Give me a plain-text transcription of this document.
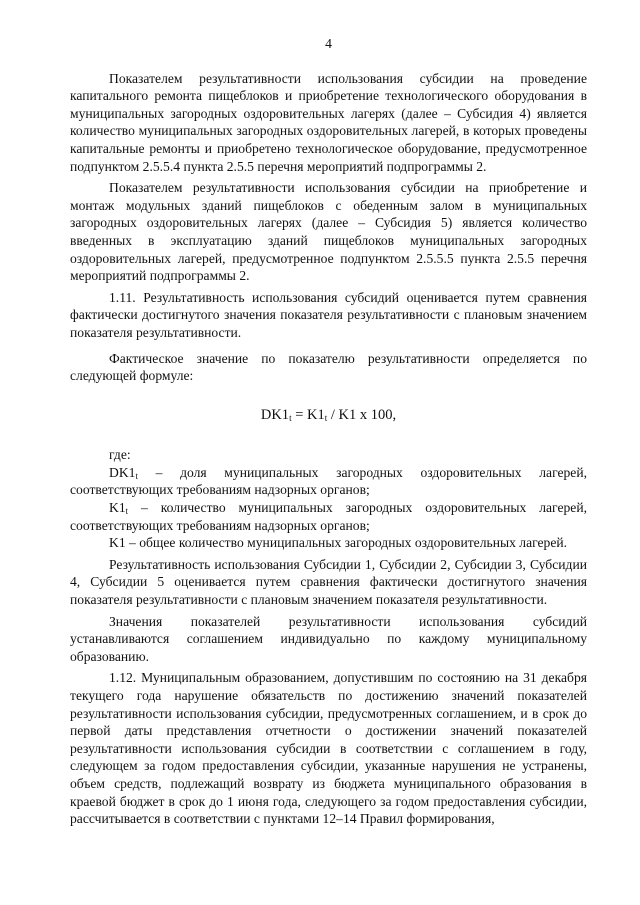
4

Показателем результативности использования субсидии на проведение капитального ремонта пищеблоков и приобретение технологического оборудования в муниципальных загородных оздоровительных лагерях (далее – Субсидия 4) является количество муниципальных загородных оздоровительных лагерей, в которых проведены капитальные ремонты и приобретено технологическое оборудование, предусмотренное подпунктом 2.5.5.4 пункта 2.5.5 перечня мероприятий подпрограммы 2.

Показателем результативности использования субсидии на приобретение и монтаж модульных зданий пищеблоков с обеденным залом в муниципальных загородных оздоровительных лагерях (далее – Субсидия 5) является количество введенных в эксплуатацию зданий пищеблоков муниципальных загородных оздоровительных лагерей, предусмотренное подпунктом 2.5.5.5 пункта 2.5.5 перечня мероприятий подпрограммы 2.

1.11. Результативность использования субсидий оценивается путем сравнения фактически достигнутого значения показателя результативности с плановым значением показателя результативности.

Фактическое значение по показателю результативности определяется по следующей формуле:

$DK1_t = K1_t / K1$ x 100,

где:

$DK1_t$ – доля муниципальных загородных оздоровительных лагерей, соответствующих требованиям надзорных органов;

$K1_t$ – количество муниципальных загородных оздоровительных лагерей, соответствующих требованиям надзорных органов;

K1 – общее количество муниципальных загородных оздоровительных лагерей.

Результативность использования Субсидии 1, Субсидии 2, Субсидии 3, Субсидии 4, Субсидии 5 оценивается путем сравнения фактически достигнутого значения показателя результативности с плановым значением показателя результативности.

Значения показателей результативности использования субсидий устанавливаются соглашением индивидуально по каждому муниципальному образованию.

1.12. Муниципальным образованием, допустившим по состоянию на 31 декабря текущего года нарушение обязательств по достижению значений показателей результативности использования субсидии, предусмотренных соглашением, и в срок до первой даты представления отчетности о достижении значений показателей результативности использования субсидии в соответствии с соглашением в году, следующем за годом предоставления субсидии, указанные нарушения не устранены, объем средств, подлежащий возврату из бюджета муниципального образования в краевой бюджет в срок до 1 июня года, следующего за годом предоставления субсидии, рассчитывается в соответствии с пунктами 12–14 Правил формирования,
